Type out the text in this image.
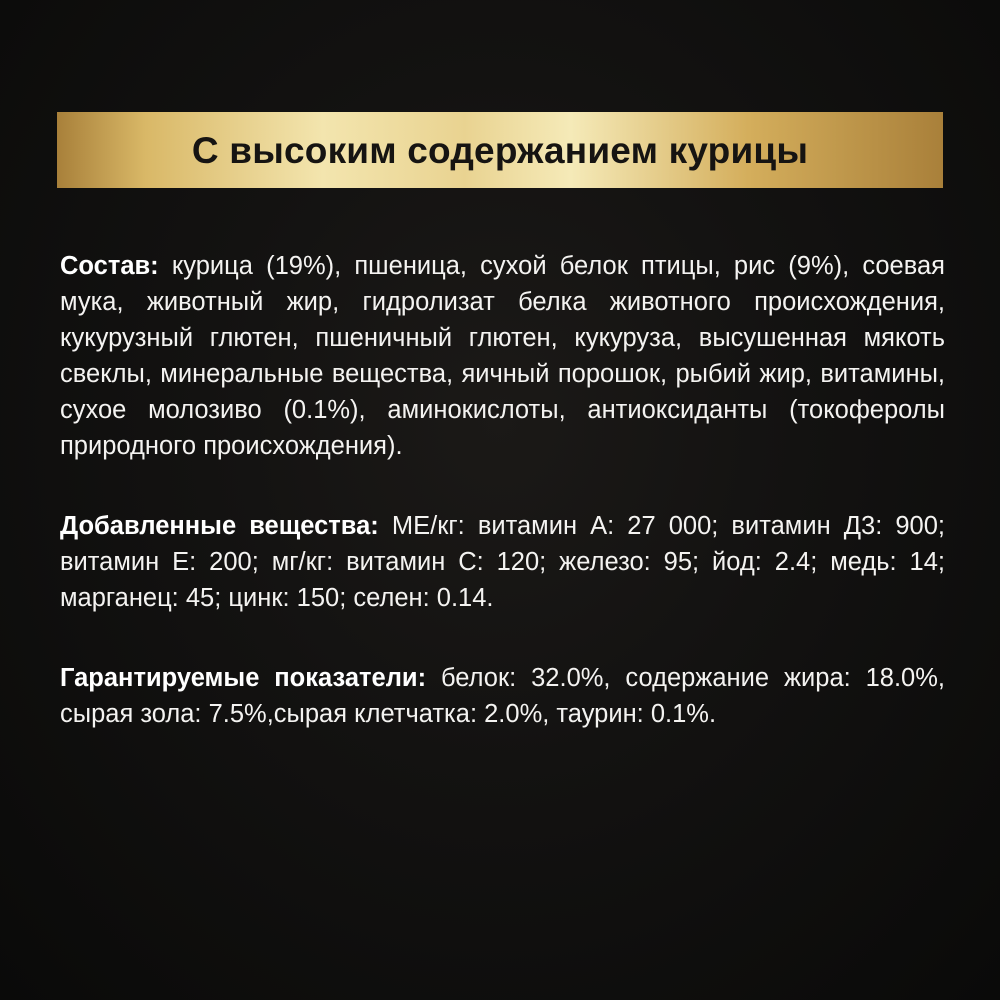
С высоким содержанием курицы

Состав: курица (19%), пшеница, сухой белок птицы, рис (9%), соевая мука, животный жир, гидролизат белка животного происхождения, кукурузный глютен, пшеничный глютен, кукуруза, высушенная мякоть свеклы, минеральные вещества, яичный порошок, рыбий жир, витамины, сухое молозиво (0.1%), аминокислоты, антиоксиданты (токоферолы природного происхождения).

Добавленные вещества: МЕ/кг: витамин А: 27 000; витамин Д3: 900; витамин Е: 200; мг/кг: витамин С: 120; железо: 95; йод: 2.4; медь: 14; марганец: 45; цинк: 150; селен: 0.14.

Гарантируемые показатели: белок: 32.0%, содержание жира: 18.0%, сырая зола: 7.5%,сырая клетчатка: 2.0%, таурин: 0.1%.
